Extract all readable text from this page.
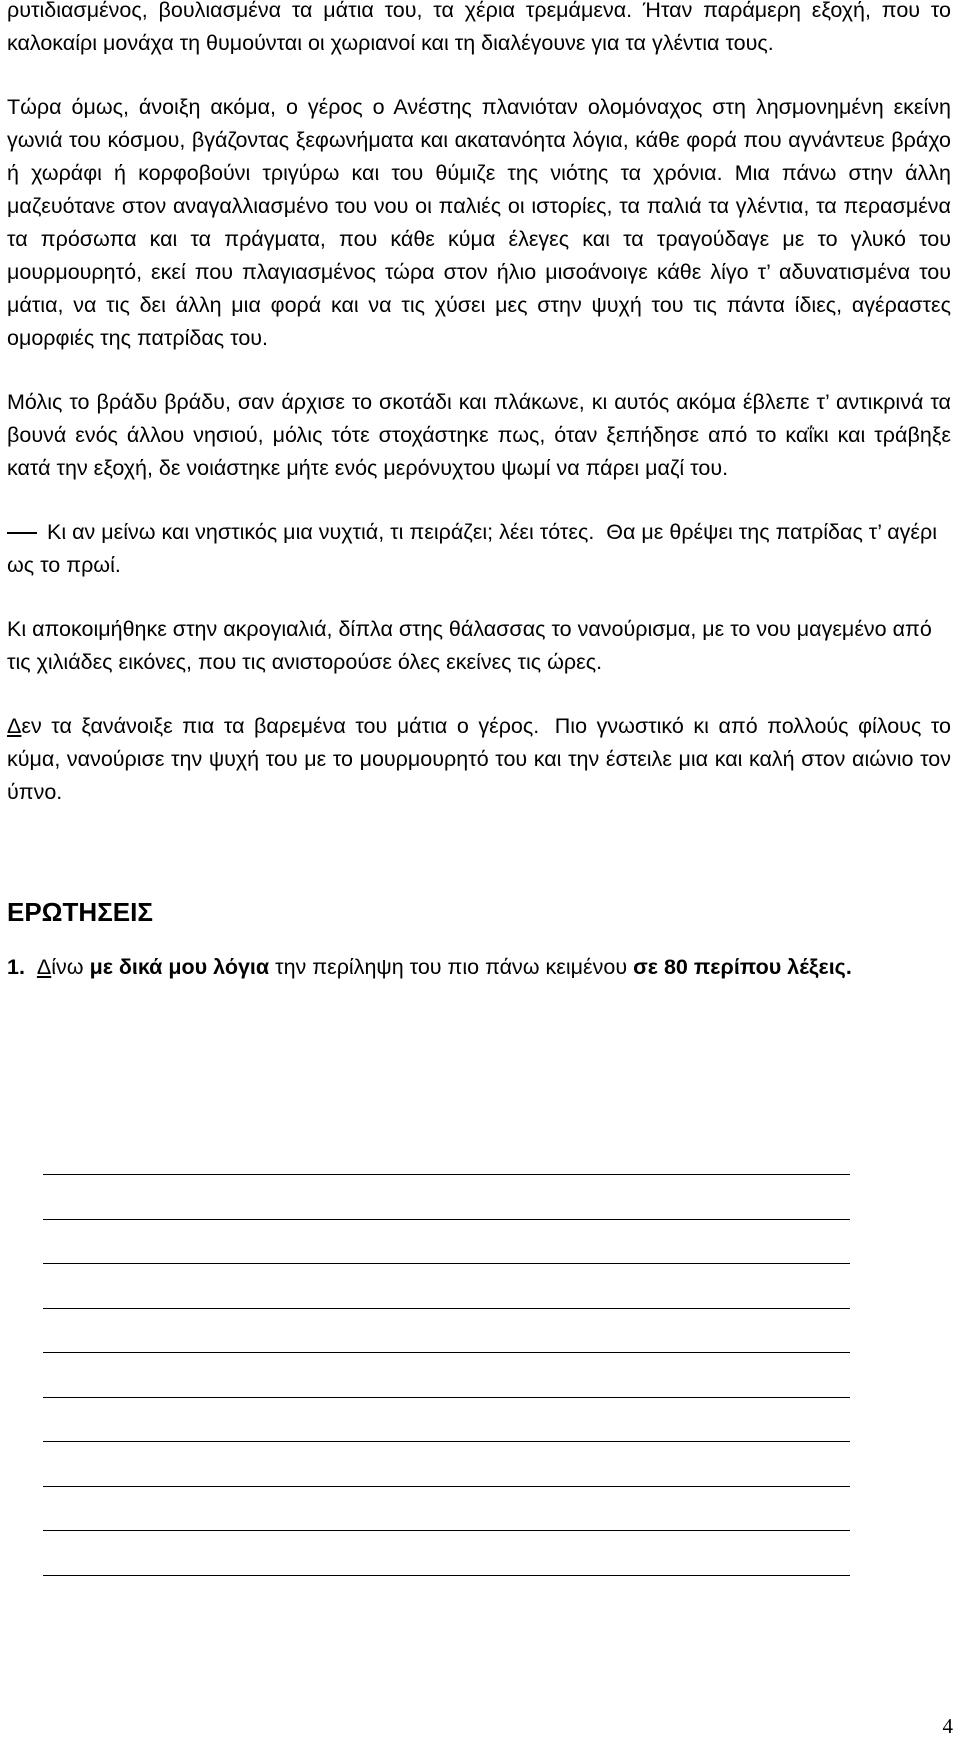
ρυτιδιασμένος, βουλιασμένα τα μάτια του, τα χέρια τρεμάμενα. Ήταν παράμερη εξοχή, που το καλοκαίρι μονάχα τη θυμούνται οι χωριανοί και τη διαλέγουνε για τα γλέντια τους.

Τώρα όμως, άνοιξη ακόμα, ο γέρος ο Ανέστης πλανιόταν ολομόναχος στη λησμονημένη εκείνη γωνιά του κόσμου, βγάζοντας ξεφωνήματα και ακατανόητα λόγια, κάθε φορά που αγνάντευε βράχο ή χωράφι ή κορφοβούνι τριγύρω και του θύμιζε της νιότης τα χρόνια. Μια πάνω στην άλλη μαζευότανε στον αναγαλλιασμένο του νου οι παλιές οι ιστορίες, τα παλιά τα γλέντια, τα περασμένα τα πρόσωπα και τα πράγματα, που κάθε κύμα έλεγες και τα τραγούδαγε με το γλυκό του μουρμουρητό, εκεί που πλαγιασμένος τώρα στον ήλιο μισοάνοιγε κάθε λίγο τ’ αδυνατισμένα του μάτια, να τις δει άλλη μια φορά και να τις χύσει μες στην ψυχή του τις πάντα ίδιες, αγέραστες ομορφιές της πατρίδας του.

Μόλις το βράδυ βράδυ, σαν άρχισε το σκοτάδι και πλάκωνε, κι αυτός ακόμα έβλεπε τ’ αντικρινά τα βουνά ενός άλλου νησιού, μόλις τότε στοχάστηκε πως, όταν ξεπήδησε από το καΐκι και τράβηξε κατά την εξοχή, δε νοιάστηκε μήτε ενός μερόνυχτου ψωμί να πάρει μαζί του.

Κι αν μείνω και νηστικός μια νυχτιά, τι πειράζει; λέει τότες. Θα με θρέψει της πατρίδας τ’ αγέρι ως το πρωί.

Κι αποκοιμήθηκε στην ακρογιαλιά, δίπλα στης θάλασσας το νανούρισμα, με το νου μαγεμένο από τις χιλιάδες εικόνες, που τις ανιστορούσε όλες εκείνες τις ώρες.

Δεν τα ξανάνοιξε πια τα βαρεμένα του μάτια ο γέρος. Πιο γνωστικό κι από πολλούς φίλους το κύμα, νανούρισε την ψυχή του με το μουρμουρητό του και την έστειλε μια και καλή στον αιώνιο τον ύπνο.

ΕΡΩΤΗΣΕΙΣ

1. Δίνω με δικά μου λόγια την περίληψη του πιο πάνω κειμένου σε 80 περίπου λέξεις.

4
